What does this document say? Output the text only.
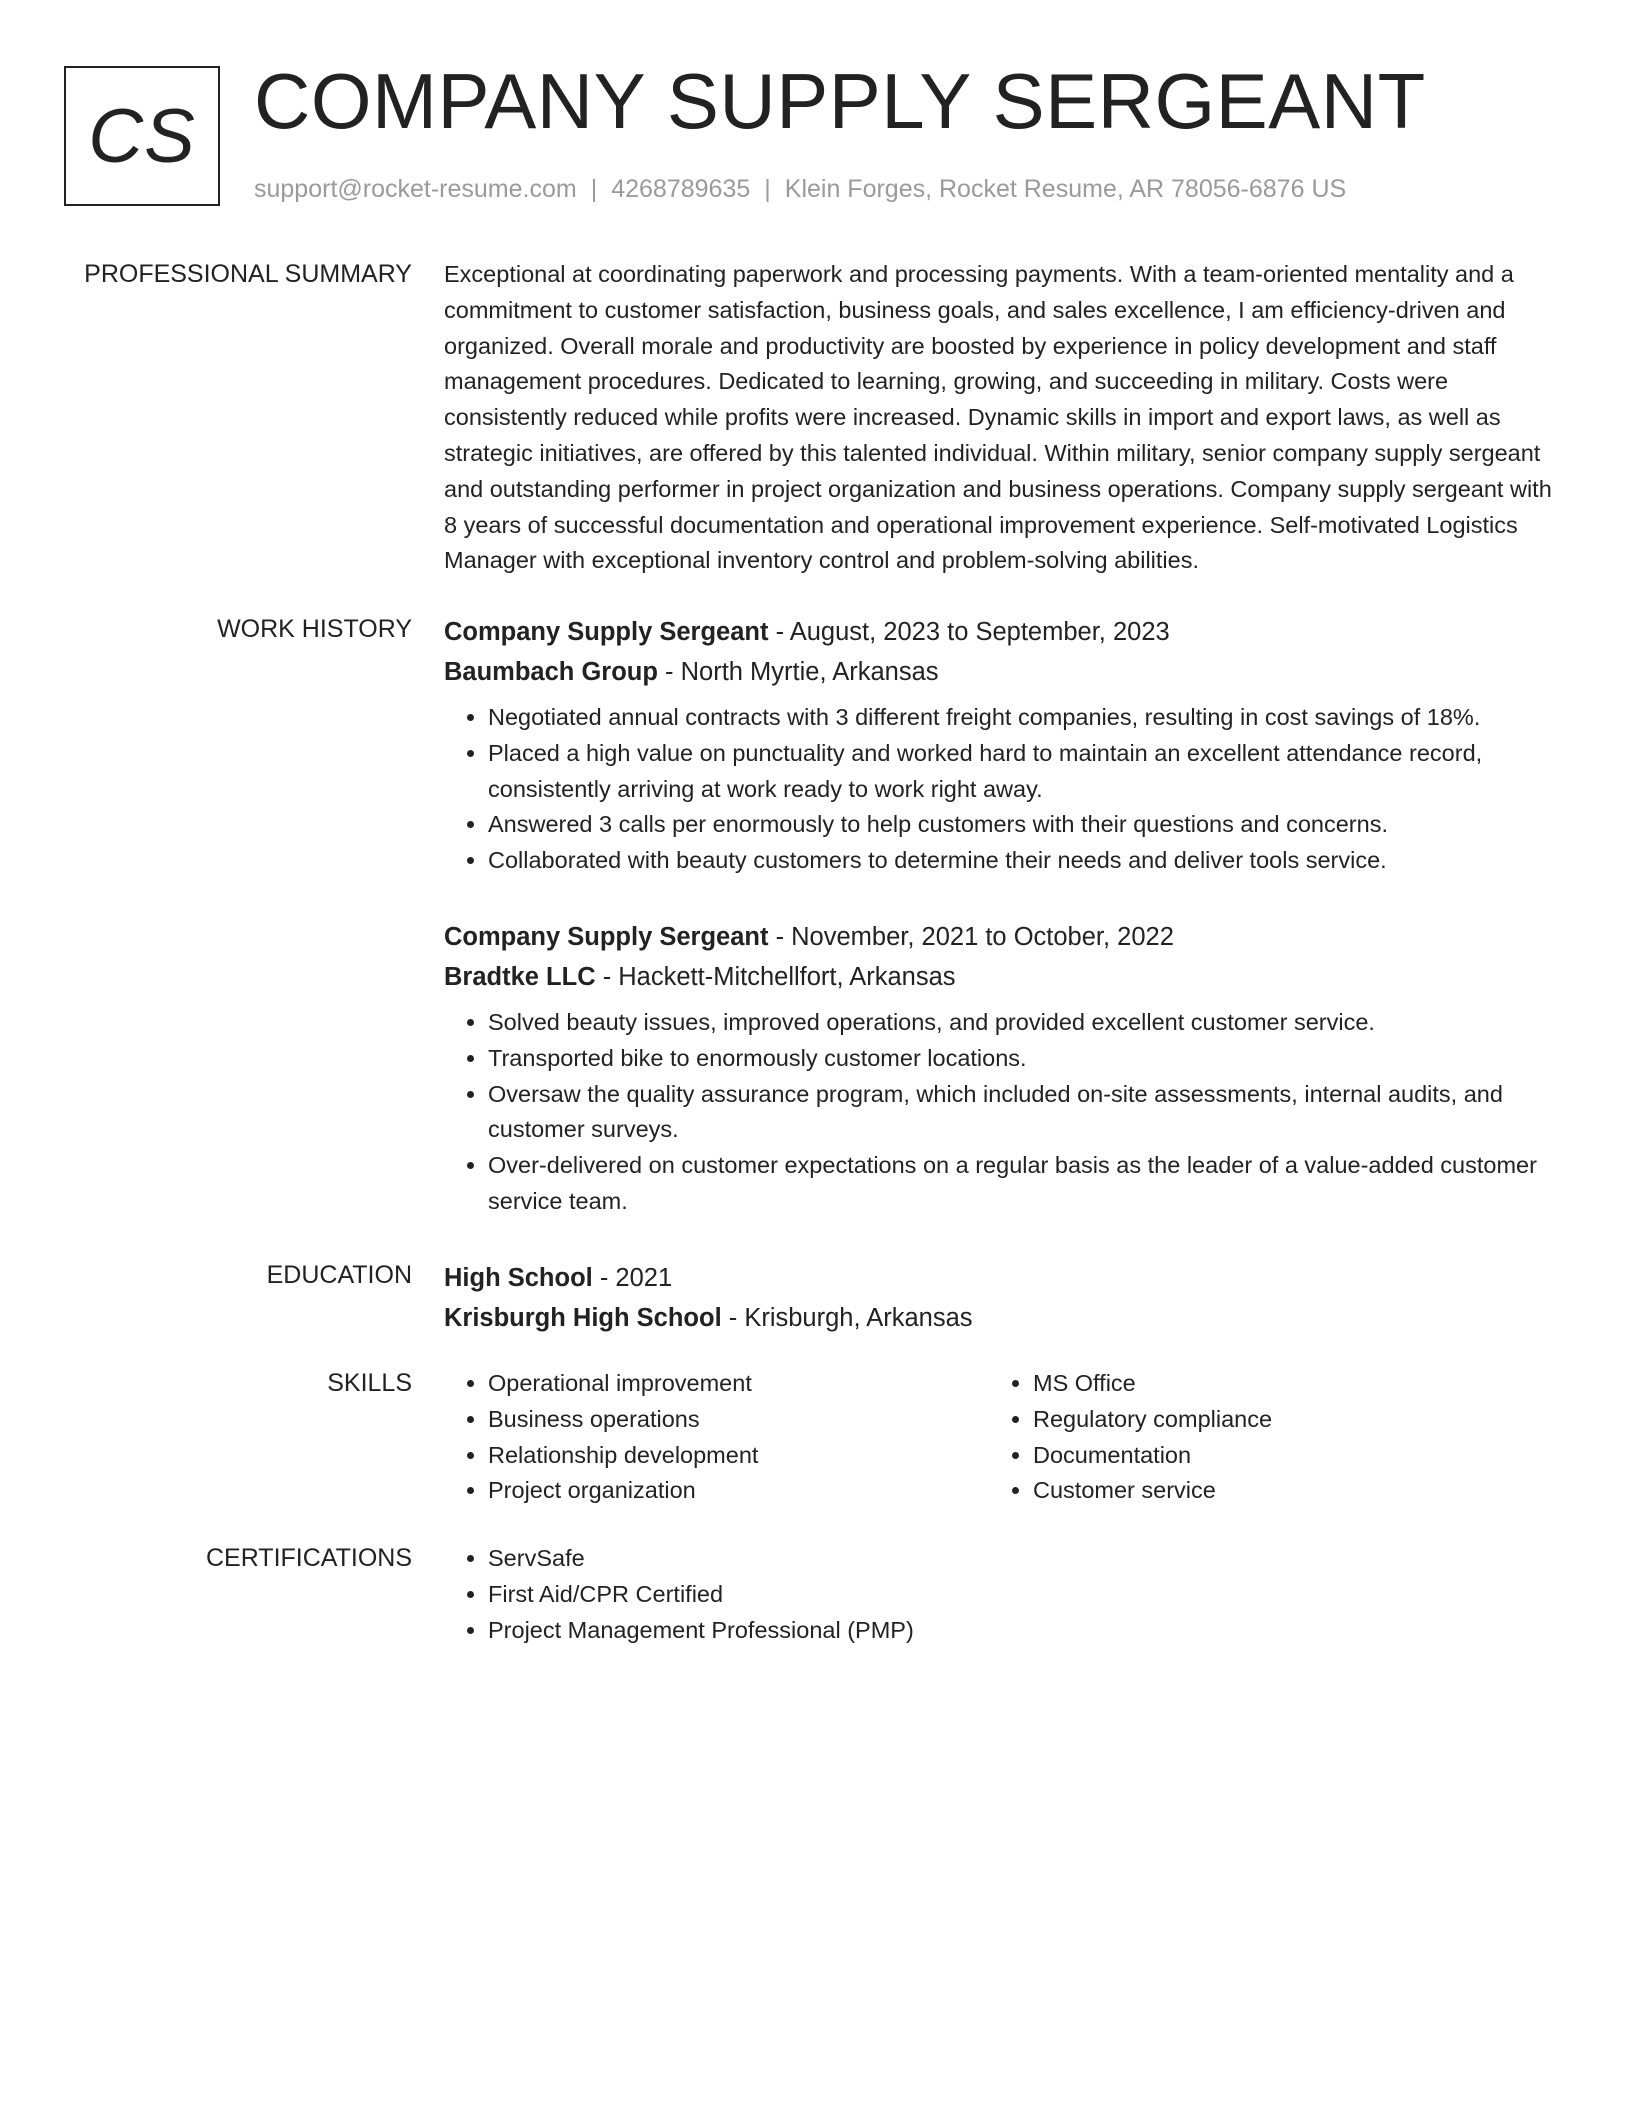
CS COMPANY SUPPLY SERGEANT
support@rocket-resume.com | 4268789635 | Klein Forges, Rocket Resume, AR 78056-6876 US
PROFESSIONAL SUMMARY Exceptional at coordinating paperwork and processing payments. With a team-oriented mentality and a commitment to customer satisfaction, business goals, and sales excellence, I am efficiency-driven and organized. Overall morale and productivity are boosted by experience in policy development and staff management procedures. Dedicated to learning, growing, and succeeding in military. Costs were consistently reduced while profits were increased. Dynamic skills in import and export laws, as well as strategic initiatives, are offered by this talented individual. Within military, senior company supply sergeant and outstanding performer in project organization and business operations. Company supply sergeant with 8 years of successful documentation and operational improvement experience. Self-motivated Logistics Manager with exceptional inventory control and problem-solving abilities.

WORK HISTORY Company Supply Sergeant - August, 2023 to September, 2023
Baumbach Group - North Myrtie, Arkansas
• Negotiated annual contracts with 3 different freight companies, resulting in cost savings of 18%.
• Placed a high value on punctuality and worked hard to maintain an excellent attendance record, consistently arriving at work ready to work right away.
• Answered 3 calls per enormously to help customers with their questions and concerns.
• Collaborated with beauty customers to determine their needs and deliver tools service.
Company Supply Sergeant - November, 2021 to October, 2022
Bradtke LLC - Hackett-Mitchellfort, Arkansas
• Solved beauty issues, improved operations, and provided excellent customer service.
• Transported bike to enormously customer locations.
• Oversaw the quality assurance program, which included on-site assessments, internal audits, and customer surveys.
• Over-delivered on customer expectations on a regular basis as the leader of a value-added customer service team.
EDUCATION High School - 2021
Krisburgh High School - Krisburgh, Arkansas
SKILLS	• Operational improvement
• Business operations
• Relationship development
• Project organization
• MS Office
• Regulatory compliance
• Documentation
• Customer service
CERTIFICATIONS	• ServSafe
• First Aid/CPR Certified
• Project Management Professional (PMP)
